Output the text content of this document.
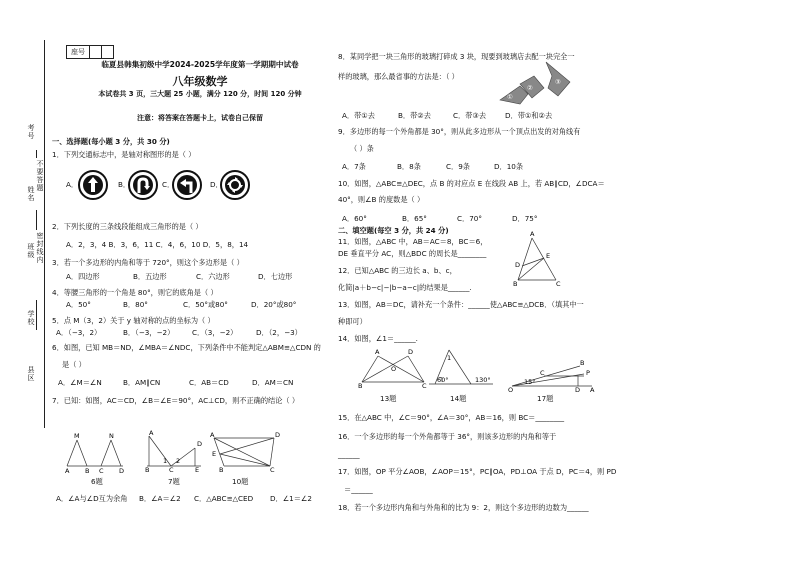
座号
临夏县韩集初级中学2024-2025学年度第一学期期中试卷
八年级数学
本试卷共 3 页，三大题 25 小题，满分 120 分，时间 120 分钟
注意：将答案在答题卡上，试卷自己保留
考号
姓名
不要答题
班级
密封线内
学校
县区
一、选择题(每小题 3 分，共 30 分)
1．下列交通标志中，是轴对称图形的是（ ）
A．	B．	C．	D．
2．下列长度的三条线段能组成三角形的是（ ）
A．2，3，4 B．3，6，11 C．4，6，10 D．5，8，14
3．若一个多边形的内角和等于 720°，则这个多边形是（ ）
A．四边形	B．五边形	C．六边形	D．七边形
4．等腰三角形的一个角是 80°，则它的底角是（ ）
A．50°	B．80°	C．50°或80°	D．20°或80°
5．点 M（3，2）关于 y 轴对称的点的坐标为（ ）
A．（−3，2）	B．（−3，−2） C．（3，−2）	D．（2，−3）
6．如图，已知 MB＝ND，∠MBA＝∠NDC，下列条件中不能判定△ABM≌△CDN 的
是（ ）
A．∠M＝∠N	B．AM∥CN	C．AB＝CD	D．AM＝CN
7．已知：如图，AC＝CD，∠B＝∠E＝90°，AC⊥CD，则不正确的结论（ ）
A B C D
M	N	A
B	C
D
E
1 2
A
B	C
D
E
6题	7题	10题
A．∠A与∠D互为余角 B．∠A＝∠2 C．△ABC≌△CED D．∠1＝∠2
8．某同学把一块三角形的玻璃打碎成 3 块，现要到玻璃店去配一块完全一
样的玻璃，那么最省事的方法是：（ ）
①
②
③
A．带①去	B．带②去	C．带③去	D．带①和②去
9．多边形的每一个外角都是 30°，则从此多边形从一个顶点出发的对角线有
（ ）条
A．7条	B．8条	C．9条	D．10条
10．如图，△ABC≌△DEC，点 B 的对应点 E 在线段 AB 上，若 AB∥CD，∠DCA＝
40°，则∠B 的度数是（ ）
A．60°	B．65°	C．70°	D．75°
二、填空题(每空 3 分，共 24 分)
11．如图，△ABC 中，AB＝AC＝8，BC＝6，
DE 垂直平分 AC，则△BDC 的周长是________
A
B	C
D
E
12．已知△ABC 的三边长 a、b、c，
化简|a＋b−c|−|b−a−c|的结果是______.
13．如图，AB＝DC，请补充一个条件：______使△ABC≌△DCB．（填其中一
种即可）
14．如图，∠1＝______.
A
B	C
D
O
1
60°	130°
O	A
B
C
D
P
15°
13题	14题	17题
15．在△ABC 中，∠C＝90°，∠A＝30°，AB＝16，则 BC＝________
16．一个多边形的每一个外角都等于 36°，则该多边形的内角和等于
______
17．如图，OP 平分∠AOB，∠AOP＝15°，PC∥OA，PD⊥OA 于点 D，PC＝4，则 PD
＝______
18．若一个多边形内角和与外角和的比为 9：2，则这个多边形的边数为______
